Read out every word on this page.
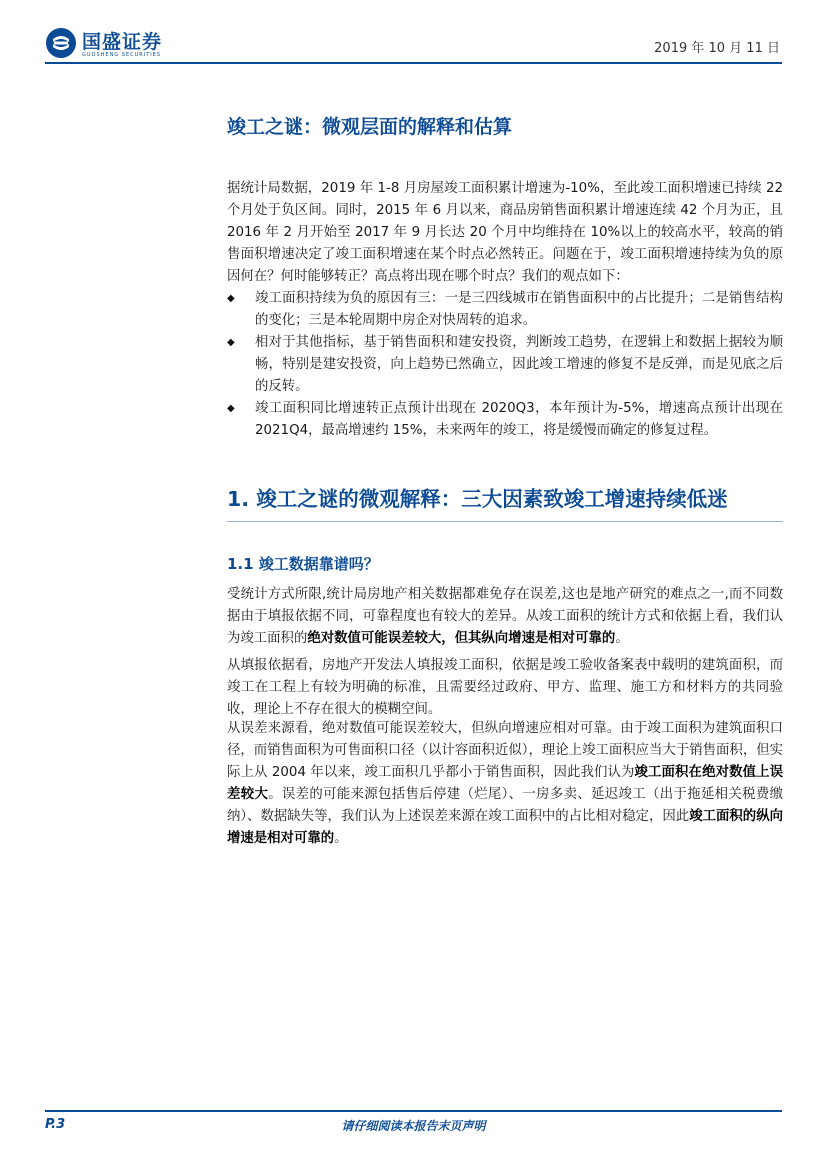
国盛证券
GUOSHENG SECURITIES	2019 年 10 月 11 日
竣工之谜：微观层面的解释和估算
据统计局数据，2019 年 1-8 月房屋竣工面积累计增速为-10%，至此竣工面积增速已持续 22 个月处于负区间。同时，2015 年 6 月以来，商品房销售面积累计增速连续 42 个月为正，且 2016 年 2 月开始至 2017 年 9 月长达 20 个月中均维持在 10%以上的较高水平，较高的销售面积增速决定了竣工面积增速在某个时点必然转正。问题在于，竣工面积增速持续为负的原因何在？何时能够转正？高点将出现在哪个时点？我们的观点如下：
◆ 竣工面积持续为负的原因有三：一是三四线城市在销售面积中的占比提升；二是销售结构的变化；三是本轮周期中房企对快周转的追求。
◆ 相对于其他指标，基于销售面积和建安投资，判断竣工趋势，在逻辑上和数据上据较为顺畅，特别是建安投资，向上趋势已然确立，因此竣工增速的修复不是反弹，而是见底之后的反转。
◆ 竣工面积同比增速转正点预计出现在 2020Q3，本年预计为-5%，增速高点预计出现在 2021Q4，最高增速约 15%，未来两年的竣工，将是缓慢而确定的修复过程。
1. 竣工之谜的微观解释：三大因素致竣工增速持续低迷
1.1 竣工数据靠谱吗？
受统计方式所限,统计局房地产相关数据都难免存在误差,这也是地产研究的难点之一,而不同数据由于填报依据不同，可靠程度也有较大的差异。从竣工面积的统计方式和依据上看，我们认为竣工面积的绝对数值可能误差较大，但其纵向增速是相对可靠的。
从填报依据看，房地产开发法人填报竣工面积，依据是竣工验收备案表中载明的建筑面积，而竣工在工程上有较为明确的标准，且需要经过政府、甲方、监理、施工方和材料方的共同验收，理论上不存在很大的模糊空间。
从误差来源看，绝对数值可能误差较大，但纵向增速应相对可靠。由于竣工面积为建筑面积口径，而销售面积为可售面积口径（以计容面积近似），理论上竣工面积应当大于销售面积，但实际上从 2004 年以来，竣工面积几乎都小于销售面积，因此我们认为竣工面积在绝对数值上误差较大。误差的可能来源包括售后停建（烂尾）、一房多卖、延迟竣工（出于拖延相关税费缴纳）、数据缺失等，我们认为上述误差来源在竣工面积中的占比相对稳定，因此竣工面积的纵向增速是相对可靠的。
请仔细阅读本报告末页声明
P.3
